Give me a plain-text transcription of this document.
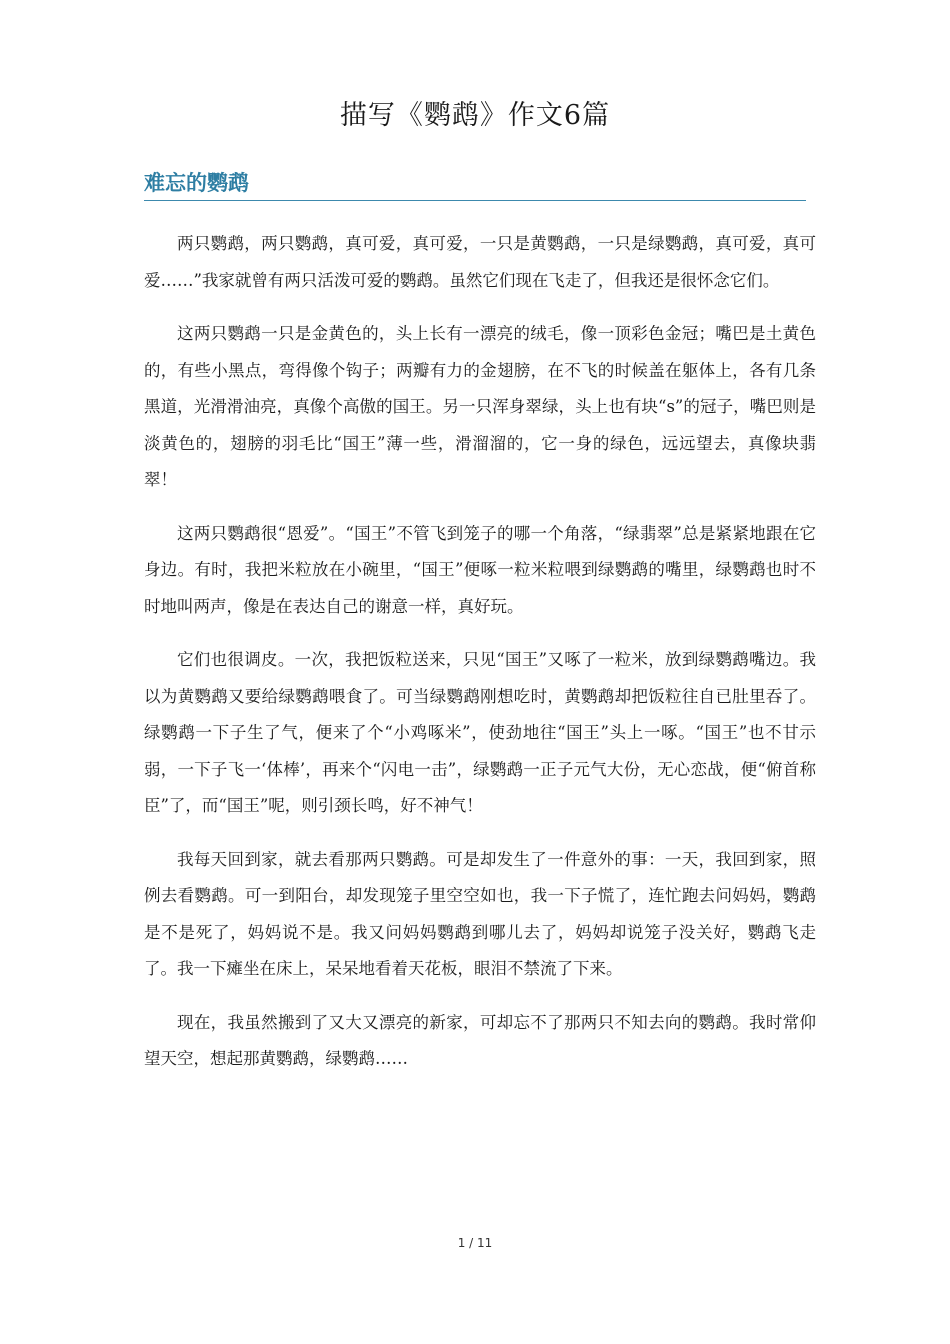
描写《鹦鹉》作文6篇
难忘的鹦鹉

两只鹦鹉，两只鹦鹉，真可爱，真可爱，一只是黄鹦鹉，一只是绿鹦鹉，真可爱，真可爱……”我家就曾有两只活泼可爱的鹦鹉。虽然它们现在飞走了，但我还是很怀念它们。

这两只鹦鹉一只是金黄色的，头上长有一漂亮的绒毛，像一顶彩色金冠；嘴巴是土黄色的，有些小黑点，弯得像个钩子；两瓣有力的金翅膀，在不飞的时候盖在躯体上，各有几条黑道，光滑滑油亮，真像个高傲的国王。另一只浑身翠绿，头上也有块“s”的冠子，嘴巴则是淡黄色的，翅膀的羽毛比“国王”薄一些，滑溜溜的，它一身的绿色，远远望去，真像块翡翠！

这两只鹦鹉很“恩爱”。“国王”不管飞到笼子的哪一个角落，“绿翡翠”总是紧紧地跟在它身边。有时，我把米粒放在小碗里，“国王”便啄一粒米粒喂到绿鹦鹉的嘴里，绿鹦鹉也时不时地叫两声，像是在表达自己的谢意一样，真好玩。

它们也很调皮。一次，我把饭粒送来，只见“国王”又啄了一粒米，放到绿鹦鹉嘴边。我以为黄鹦鹉又要给绿鹦鹉喂食了。可当绿鹦鹉刚想吃时，黄鹦鹉却把饭粒往自已肚里吞了。绿鹦鹉一下子生了气，便来了个“小鸡啄米”，使劲地往“国王”头上一啄。“国王”也不甘示弱，一下子飞一‘体棒’，再来个“闪电一击”，绿鹦鹉一正子元气大份，无心恋战，便“俯首称臣”了，而“国王”呢，则引颈长鸣，好不神气！

我每天回到家，就去看那两只鹦鹉。可是却发生了一件意外的事：一天，我回到家，照例去看鹦鹉。可一到阳台，却发现笼子里空空如也，我一下子慌了，连忙跑去问妈妈，鹦鹉是不是死了，妈妈说不是。我又问妈妈鹦鹉到哪儿去了，妈妈却说笼子没关好，鹦鹉飞走了。我一下瘫坐在床上，呆呆地看着天花板，眼泪不禁流了下来。

现在，我虽然搬到了又大又漂亮的新家，可却忘不了那两只不知去向的鹦鹉。我时常仰望天空，想起那黄鹦鹉，绿鹦鹉……

1 / 11
